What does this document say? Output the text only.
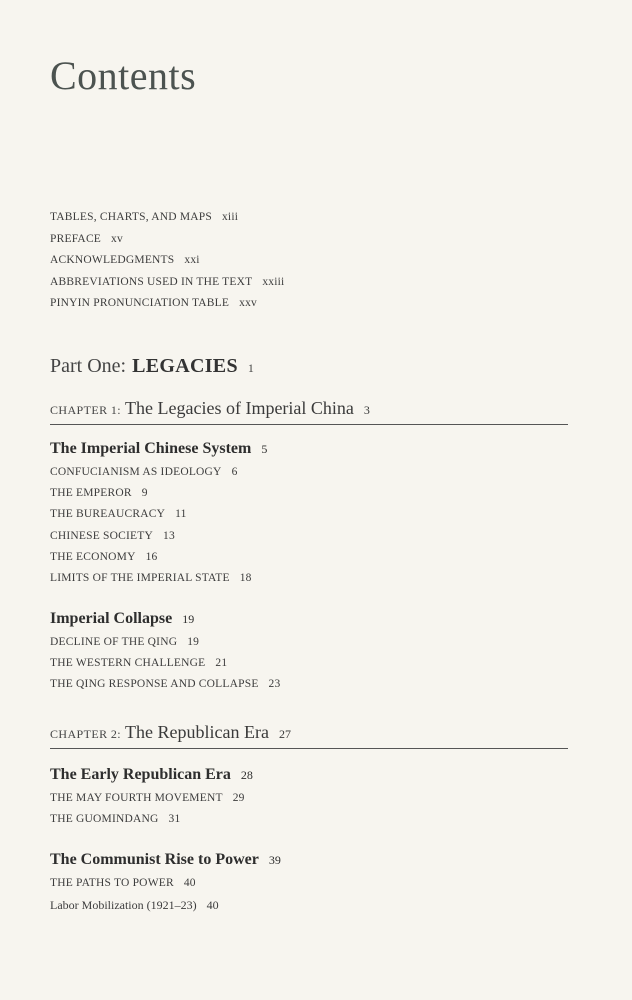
Contents
TABLES, CHARTS, AND MAPS xiii
PREFACE xv
ACKNOWLEDGMENTS xxi
ABBREVIATIONS USED IN THE TEXT xxiii
PINYIN PRONUNCIATION TABLE xxv
Part One: LEGACIES 1
CHAPTER 1: The Legacies of Imperial China 3
The Imperial Chinese System 5
CONFUCIANISM AS IDEOLOGY 6
THE EMPEROR 9
THE BUREAUCRACY 11
CHINESE SOCIETY 13
THE ECONOMY 16
LIMITS OF THE IMPERIAL STATE 18
Imperial Collapse 19
DECLINE OF THE QING 19
THE WESTERN CHALLENGE 21
THE QING RESPONSE AND COLLAPSE 23
CHAPTER 2: The Republican Era 27
The Early Republican Era 28
THE MAY FOURTH MOVEMENT 29
THE GUOMINDANG 31
The Communist Rise to Power 39
THE PATHS TO POWER 40
Labor Mobilization (1921–23) 40
